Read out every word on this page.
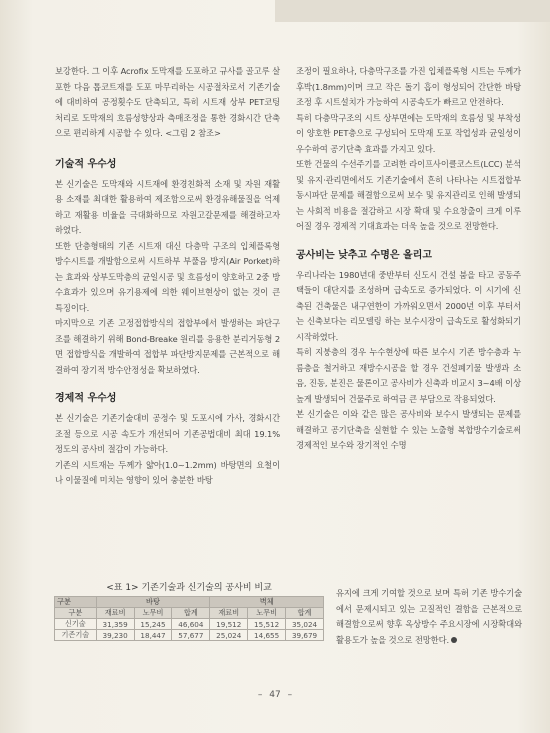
보강한다. 그 이후 Acrofix 도막재를 도포하고 규사를 골고루 살포한 다음 톱코트재를 도포 마무리하는 시공절차로서 기존기술에 대비하여 공정횟수도 단축되고, 특히 시트재 상부 PET코팅처리로 도막재의 흐름성향상과 측매조정을 통한 경화시간 단축으로 편리하게 시공할 수 있다. <그림 2 참조>

기술적 우수성

본 신기술은 도막재와 시트재에 환경친화적 소재 및 자원 재활용 소재를 최대한 활용하여 제조함으로써 환경유해물질을 억제하고 재활용 비율을 극대화하므로 자원고갈문제를 해결하고자 하였다.

또한 단층형태의 기존 시트재 대신 다층막 구조의 입체플록형 방수시트를 개발함으로써 시트하부 부풀음 방지(Air Porket)하는 효과와 상부도막층의 균일시공 및 흐름성이 양호하고 2중 방수효과가 있으며 유기용제에 의한 웨이브현상이 없는 것이 큰 특징이다.

마지막으로 기존 고정접합방식의 접합부에서 발생하는 파단구조를 해결하기 위해 Bond-Breake 원리를 응용한 분리거동형 2면 접합방식을 개발하여 접합부 파단방지문제를 근본적으로 해결하여 장기적 방수안정성을 확보하였다.

경제적 우수성

본 신기술은 기존기술대비 공정수 및 도포시에 가사, 경화시간 조절 등으로 시공 속도가 개선되어 기존공법대비 최대 19.1% 정도의 공사비 절감이 가능하다.

기존의 시트재는 두께가 얇아(1.0~1.2mm) 바탕면의 요철이나 이물질에 미치는 영향이 있어 충분한 바탕

조정이 필요하나, 다층막구조를 가진 입체플록형 시트는 두께가 후박(1.8mm)이며 크고 작은 돌기 흡이 형성되어 간단한 바탕조정 후 시트설치가 가능하여 시공속도가 빠르고 안전하다.

특히 다층막구조의 시트 상부면에는 도막재의 흐름성 및 부착성이 양호한 PET층으로 구성되어 도막재 도포 작업성과 균일성이 우수하여 공기단축 효과를 가지고 있다.

또한 건물의 수선주기를 고려한 라이프사이클코스트(LCC) 분석 및 유지·관리면에서도 기존기술에서 흔히 나타나는 시트접합부 동시파단 문제를 해결함으로써 보수 및 유지관리로 인해 발생되는 사회적 비용을 절감하고 시장 확대 및 수요창출이 크게 이루어질 경우 경제적 기대효과는 더욱 높을 것으로 전망한다.

공사비는 낮추고 수명은 올리고

우리나라는 1980년대 중반부터 신도시 건설 붐을 타고 공동주택들이 대단지를 조성하며 급속도로 증가되었다. 이 시기에 신축된 건축물은 내구연한이 가까워오면서 2000년 이후 부터서는 신축보다는 리모델링 하는 보수시장이 급속도로 활성화되기 시작하였다.

특히 지붕층의 경우 누수현상에 따른 보수시 기존 방수층과 누름층을 철거하고 재방수시공을 할 경우 건설폐기물 발생과 소음, 진동, 분진은 물론이고 공사비가 신축과 비교시 3~4배 이상 높게 발생되어 건물주로 하여금 큰 부담으로 작용되었다.

본 신기술은 이와 같은 많은 공사비와 보수시 발생되는 문제를 해결하고 공기단축을 실현할 수 있는 노출형 복합방수기술로써 경제적인 보수와 장기적인 수명

<표 1> 기존기술과 신기술의 공사비 비교

구분	바탕			벽체		
구분	재료비	노무비	합계	재료비	노무비	합계
신기술	31,359	15,245	46,604	19,512	15,512	35,024
기존기술	39,230	18,447	57,677	25,024	14,655	39,679

유지에 크게 기여할 것으로 보며 특허 기존 방수기술에서 문제시되고 있는 고질적인 결함을 근본적으로 해결함으로써 향후 옥상방수 주요시장에 시장확대와 활용도가 높을 것으로 전망한다.

– 47 –
